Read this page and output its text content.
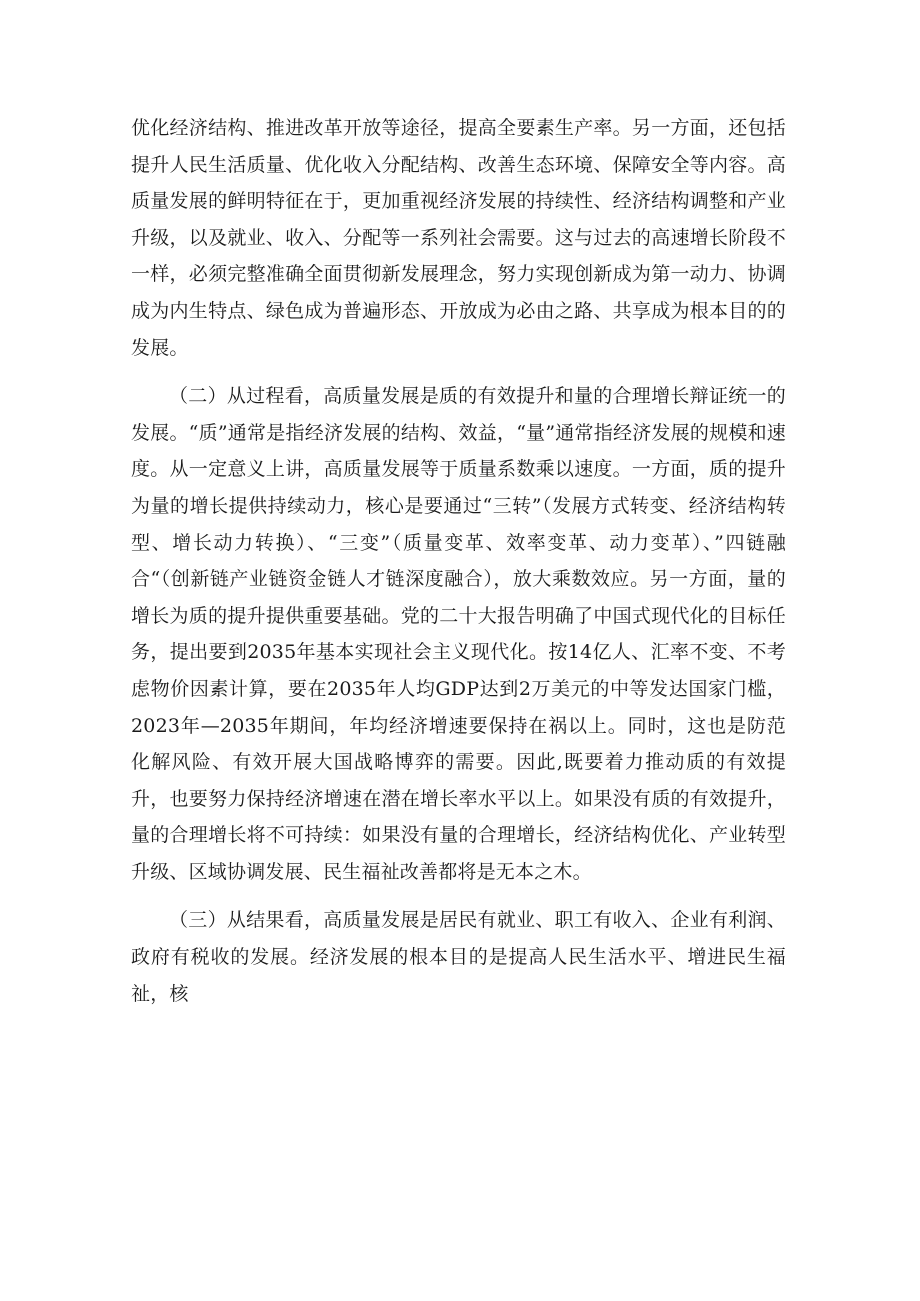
优化经济结构、推进改革开放等途径，提高全要素生产率。另一方面，还包括提升人民生活质量、优化收入分配结构、改善生态环境、保障安全等内容。高质量发展的鲜明特征在于，更加重视经济发展的持续性、经济结构调整和产业升级，以及就业、收入、分配等一系列社会需要。这与过去的高速增长阶段不一样，必须完整准确全面贯彻新发展理念，努力实现创新成为第一动力、协调成为内生特点、绿色成为普遍形态、开放成为必由之路、共享成为根本目的的发展。

（二）从过程看，高质量发展是质的有效提升和量的合理增长辩证统一的发展。“质”通常是指经济发展的结构、效益，“量”通常指经济发展的规模和速度。从一定意义上讲，高质量发展等于质量系数乘以速度。一方面，质的提升为量的增长提供持续动力，核心是要通过“三转”（发展方式转变、经济结构转型、增长动力转换）、“三变”（质量变革、效率变革、动力变革）、”四链融合“（创新链产业链资金链人才链深度融合），放大乘数效应。另一方面，量的增长为质的提升提供重要基础。党的二十大报告明确了中国式现代化的目标任务，提出要到2035年基本实现社会主义现代化。按14亿人、汇率不变、不考虑物价因素计算，要在2035年人均GDP达到2万美元的中等发达国家门槛，2023年—2035年期间，年均经济增速要保持在祸以上。同时，这也是防范化解风险、有效开展大国战略博弈的需要。因此,既要着力推动质的有效提升，也要努力保持经济增速在潜在增长率水平以上。如果没有质的有效提升，量的合理增长将不可持续：如果没有量的合理增长，经济结构优化、产业转型升级、区域协调发展、民生福祉改善都将是无本之木。

（三）从结果看，高质量发展是居民有就业、职工有收入、企业有利润、政府有税收的发展。经济发展的根本目的是提高人民生活水平、增进民生福祉，核
